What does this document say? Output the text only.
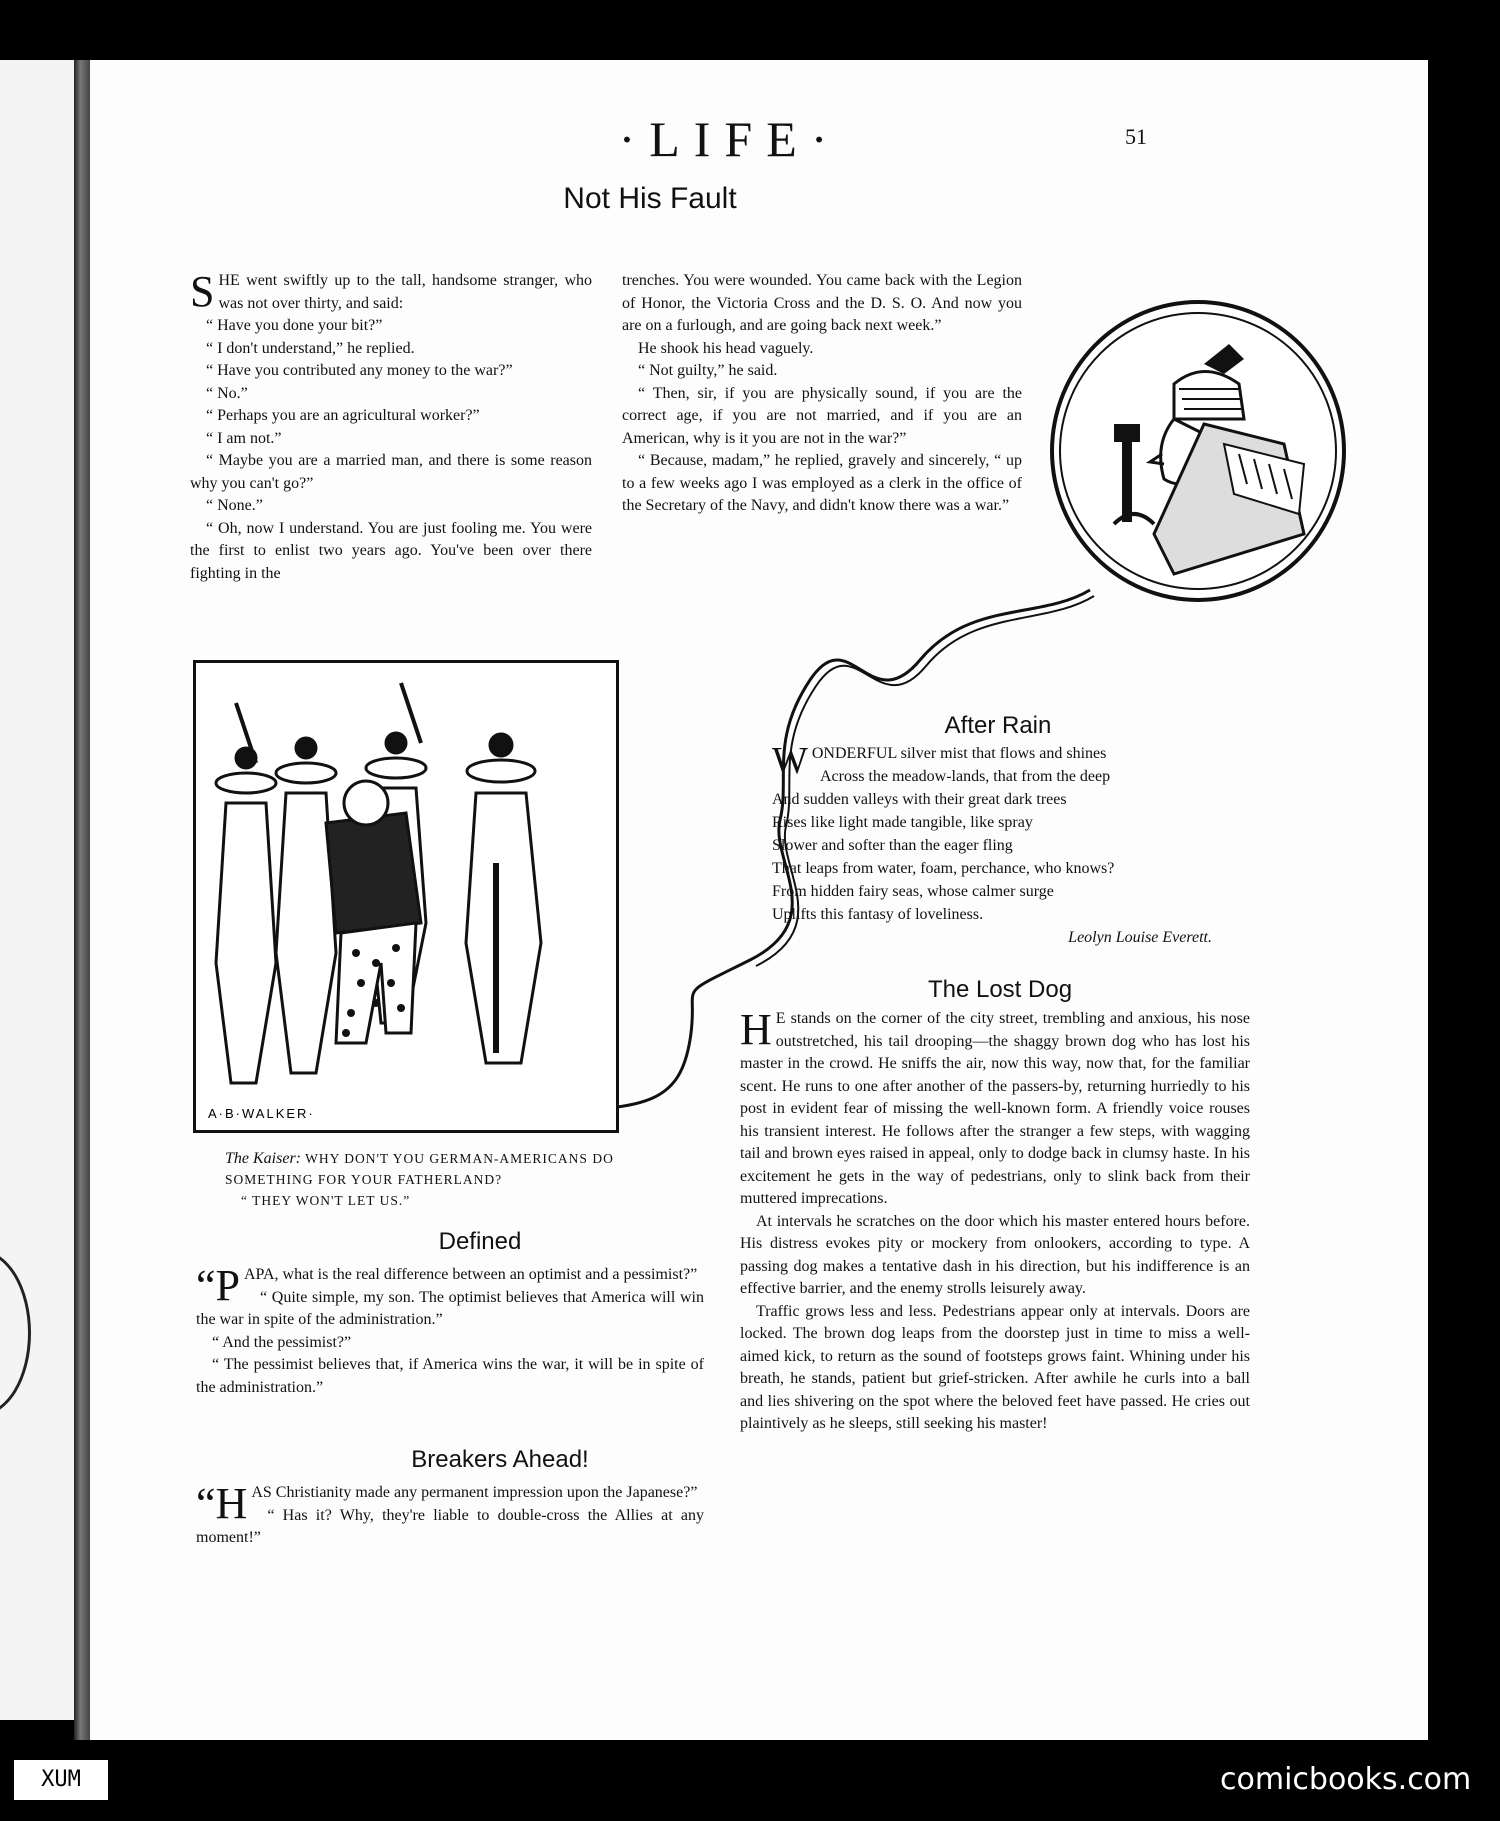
·LIFE·	51
Not His Fault

SHE went swiftly up to the tall, handsome stranger, who was not over thirty, and said:

“ Have you done your bit?”

“ I don't understand,” he replied.

“ Have you contributed any money to the war?”

“ No.”

“ Perhaps you are an agricultural worker?”

“ I am not.”

“ Maybe you are a married man, and there is some reason why you can't go?”

“ None.”

“ Oh, now I understand. You are just fooling me. You were the first to enlist two years ago. You've been over there fighting in the

trenches. You were wounded. You came back with the Legion of Honor, the Victoria Cross and the D. S. O. And now you are on a furlough, and are going back next week.”

He shook his head vaguely.

“ Not guilty,” he said.

“ Then, sir, if you are physically sound, if you are the correct age, if you are not married, and if you are an American, why is it you are not in the war?”

“ Because, madam,” he replied, gravely and sincerely, “ up to a few weeks ago I was employed as a clerk in the office of the Secretary of the Navy, and didn't know there was a war.”

A·B·WALKER·
The Kaiser: WHY DON'T YOU GERMAN-AMERICANS DO SOMETHING FOR YOUR FATHERLAND?
“ THEY WON'T LET US.”
Defined

“PAPA, what is the real difference between an optimist and a pessimist?”

“ Quite simple, my son. The optimist believes that America will win the war in spite of the administration.”

“ And the pessimist?”

“ The pessimist believes that, if America wins the war, it will be in spite of the administration.”

Breakers Ahead!

“HAS Christianity made any permanent impression upon the Japanese?”

“ Has it? Why, they're liable to double-cross the Allies at any moment!”

After Rain

WONDERFUL silver mist that flows and shines

Across the meadow-lands, that from the deep

And sudden valleys with their great dark trees

Rises like light made tangible, like spray

Slower and softer than the eager fling

That leaps from water, foam, perchance, who knows?

From hidden fairy seas, whose calmer surge

Uplifts this fantasy of loveliness.

Leolyn Louise Everett.

The Lost Dog

H E stands on the corner of the city street, trembling and anxious, his nose outstretched, his tail drooping—the shaggy brown dog who has lost his master in the crowd. He sniffs the air, now this way, now that, for the familiar scent. He runs to one after another of the passers-by, returning hurriedly to his post in evident fear of missing the well-known form. A friendly voice rouses his transient interest. He follows after the stranger a few steps, with wagging tail and brown eyes raised in appeal, only to dodge back in clumsy haste. In his excitement he gets in the way of pedestrians, only to slink back from their muttered imprecations.

At intervals he scratches on the door which his master entered hours before. His distress evokes pity or mockery from onlookers, according to type. A passing dog makes a tentative dash in his direction, but his indifference is an effective barrier, and the enemy strolls leisurely away.

Traffic grows less and less. Pedestrians appear only at intervals. Doors are locked. The brown dog leaps from the doorstep just in time to miss a well-aimed kick, to return as the sound of footsteps grows faint. Whining under his breath, he stands, patient but grief-stricken. After awhile he curls into a ball and lies shivering on the spot where the beloved feet have passed. He cries out plaintively as he sleeps, still seeking his master!

XUM	comicbooks.com
